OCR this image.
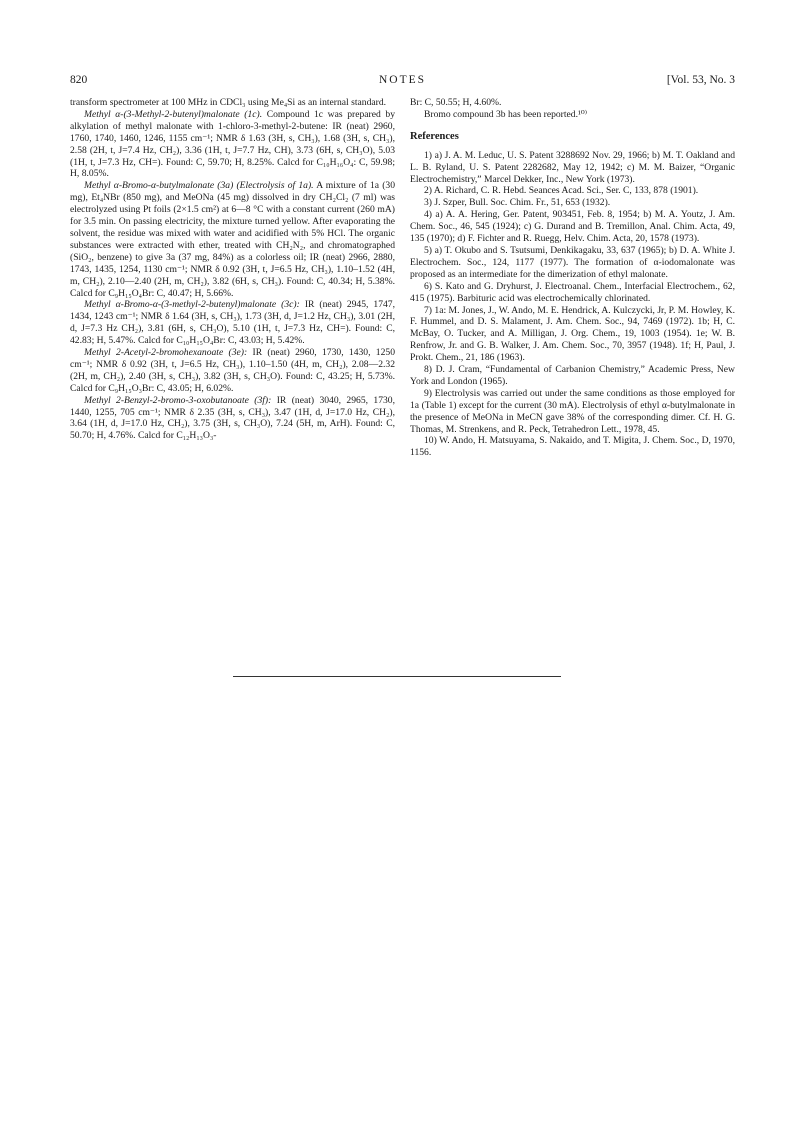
820	NOTES	[Vol. 53, No. 3

transform spectrometer at 100 MHz in CDCl₃ using Me₄Si as an internal standard.

Methyl α-(3-Methyl-2-butenyl)malonate (1c). Compound 1c was prepared by alkylation of methyl malonate with 1-chloro-3-methyl-2-butene: IR (neat) 2960, 1760, 1740, 1460, 1246, 1155 cm⁻¹; NMR δ 1.63 (3H, s, CH₃), 1.68 (3H, s, CH₃), 2.58 (2H, t, J=7.4 Hz, CH₂), 3.36 (1H, t, J=7.7 Hz, CH), 3.73 (6H, s, CH₃O), 5.03 (1H, t, J=7.3 Hz, CH=). Found: C, 59.70; H, 8.25%. Calcd for C₁₀H₁₆O₄: C, 59.98; H, 8.05%.

Methyl α-Bromo-α-butylmalonate (3a) (Electrolysis of 1a). A mixture of 1a (30 mg), Et₄NBr (850 mg), and MeONa (45 mg) dissolved in dry CH₂Cl₂ (7 ml) was electrolyzed using Pt foils (2×1.5 cm²) at 6—8 °C with a constant current (260 mA) for 3.5 min. On passing electricity, the mixture turned yellow. After evaporating the solvent, the residue was mixed with water and acidified with 5% HCl. The organic substances were extracted with ether, treated with CH₂N₂, and chromatographed (SiO₂, benzene) to give 3a (37 mg, 84%) as a colorless oil; IR (neat) 2966, 2880, 1743, 1435, 1254, 1130 cm⁻¹; NMR δ 0.92 (3H, t, J=6.5 Hz, CH₃), 1.10–1.52 (4H, m, CH₂), 2.10—2.40 (2H, m, CH₂), 3.82 (6H, s, CH₃). Found: C, 40.34; H, 5.38%. Calcd for C₉H₁₅O₄Br: C, 40.47; H, 5.66%.

Methyl α-Bromo-α-(3-methyl-2-butenyl)malonate (3c): IR (neat) 2945, 1747, 1434, 1243 cm⁻¹; NMR δ 1.64 (3H, s, CH₃), 1.73 (3H, d, J=1.2 Hz, CH₃), 3.01 (2H, d, J=7.3 Hz CH₂), 3.81 (6H, s, CH₃O), 5.10 (1H, t, J=7.3 Hz, CH=). Found: C, 42.83; H, 5.47%. Calcd for C₁₀H₁₅O₄Br: C, 43.03; H, 5.42%.

Methyl 2-Acetyl-2-bromohexanoate (3e): IR (neat) 2960, 1730, 1430, 1250 cm⁻¹; NMR δ 0.92 (3H, t, J=6.5 Hz, CH₃), 1.10–1.50 (4H, m, CH₂), 2.08—2.32 (2H, m, CH₂), 2.40 (3H, s, CH₃), 3.82 (3H, s, CH₃O). Found: C, 43.25; H, 5.73%. Calcd for C₉H₁₅O₃Br: C, 43.05; H, 6.02%.

Methyl 2-Benzyl-2-bromo-3-oxobutanoate (3f): IR (neat) 3040, 2965, 1730, 1440, 1255, 705 cm⁻¹; NMR δ 2.35 (3H, s, CH₃), 3.47 (1H, d, J=17.0 Hz, CH₂), 3.64 (1H, d, J=17.0 Hz, CH₂), 3.75 (3H, s, CH₃O), 7.24 (5H, m, ArH). Found: C, 50.70; H, 4.76%. Calcd for C₁₂H₁₃O₃-

Br: C, 50.55; H, 4.60%.

Bromo compound 3b has been reported.¹⁰⁾

References

1) a) J. A. M. Leduc, U. S. Patent 3288692 Nov. 29, 1966; b) M. T. Oakland and L. B. Ryland, U. S. Patent 2282682, May 12, 1942; c) M. M. Baizer, “Organic Electrochemistry,” Marcel Dekker, Inc., New York (1973).

2) A. Richard, C. R. Hebd. Seances Acad. Sci., Ser. C, 133, 878 (1901).

3) J. Szper, Bull. Soc. Chim. Fr., 51, 653 (1932).

4) a) A. A. Hering, Ger. Patent, 903451, Feb. 8, 1954; b) M. A. Youtz, J. Am. Chem. Soc., 46, 545 (1924); c) G. Durand and B. Tremillon, Anal. Chim. Acta, 49, 135 (1970); d) F. Fichter and R. Ruegg, Helv. Chim. Acta, 20, 1578 (1973).

5) a) T. Okubo and S. Tsutsumi, Denkikagaku, 33, 637 (1965); b) D. A. White J. Electrochem. Soc., 124, 1177 (1977). The formation of α-iodomalonate was proposed as an intermediate for the dimerization of ethyl malonate.

6) S. Kato and G. Dryhurst, J. Electroanal. Chem., Interfacial Electrochem., 62, 415 (1975). Barbituric acid was electrochemically chlorinated.

7) 1a: M. Jones, J., W. Ando, M. E. Hendrick, A. Kulczycki, Jr, P. M. Howley, K. F. Hummel, and D. S. Malament, J. Am. Chem. Soc., 94, 7469 (1972). 1b; H, C. McBay, O. Tucker, and A. Milligan, J. Org. Chem., 19, 1003 (1954). 1e; W. B. Renfrow, Jr. and G. B. Walker, J. Am. Chem. Soc., 70, 3957 (1948). 1f; H, Paul, J. Prokt. Chem., 21, 186 (1963).

8) D. J. Cram, “Fundamental of Carbanion Chemistry,” Academic Press, New York and London (1965).

9) Electrolysis was carried out under the same conditions as those employed for 1a (Table 1) except for the current (30 mA). Electrolysis of ethyl α-butylmalonate in the presence of MeONa in MeCN gave 38% of the corresponding dimer. Cf. H. G. Thomas, M. Strenkens, and R. Peck, Tetrahedron Lett., 1978, 45.

10) W. Ando, H. Matsuyama, S. Nakaido, and T. Migita, J. Chem. Soc., D, 1970, 1156.
